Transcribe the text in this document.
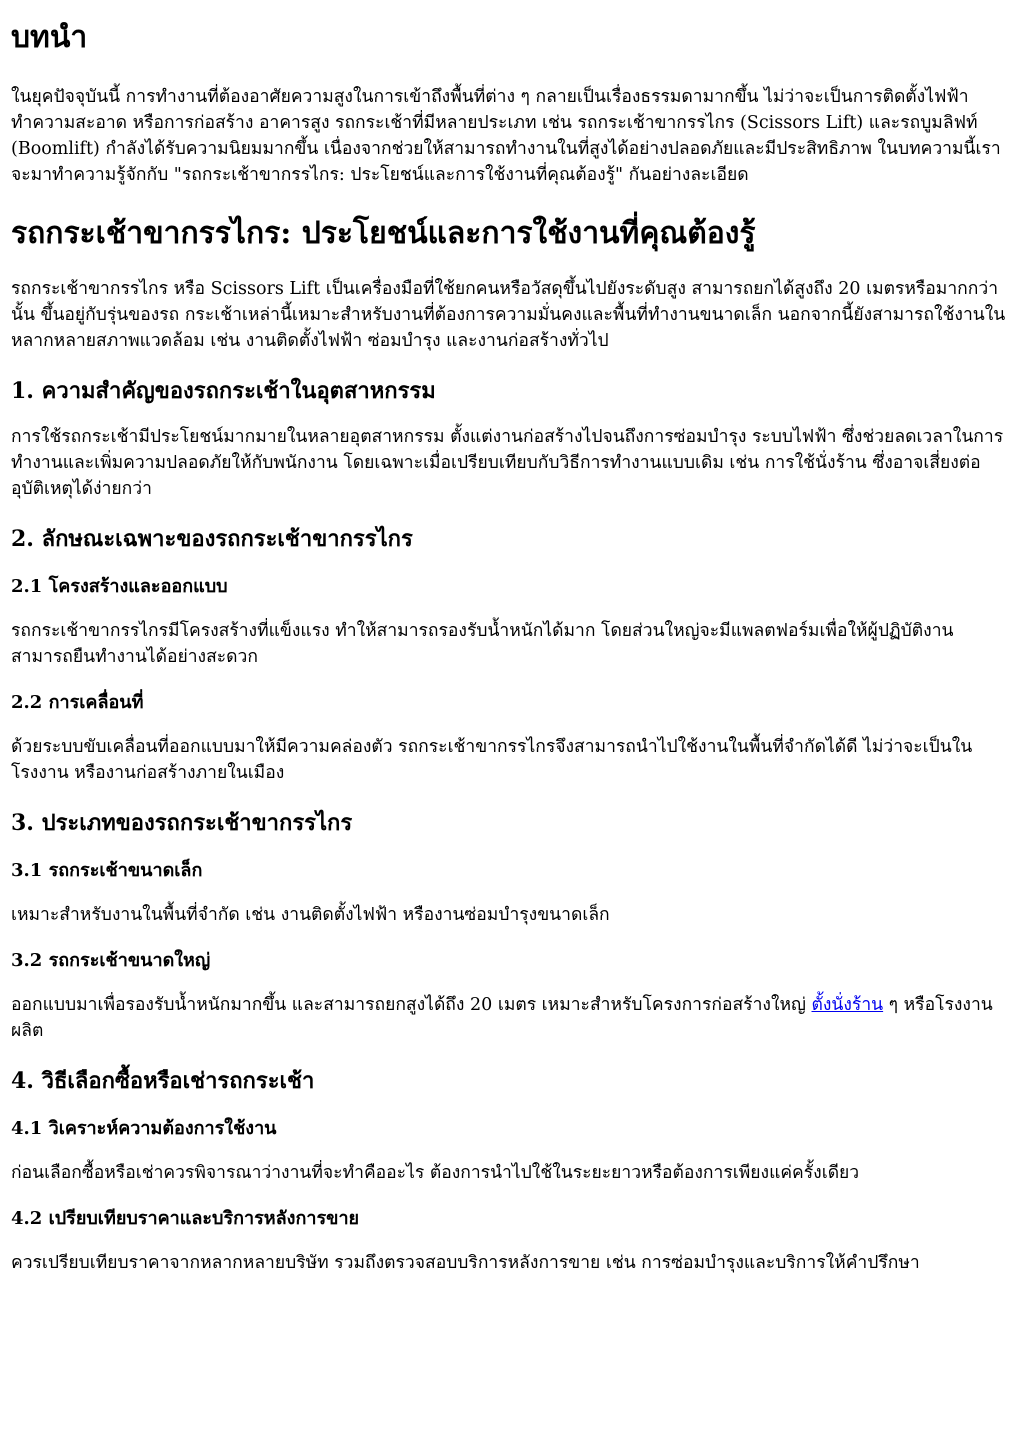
บทนำ

ในยุคปัจจุบันนี้ การทำงานที่ต้องอาศัยความสูงในการเข้าถึงพื้นที่ต่าง ๆ กลายเป็นเรื่องธรรมดามากขึ้น ไม่ว่าจะเป็นการติดตั้งไฟฟ้า ทำความสะอาด หรือการก่อสร้าง อาคารสูง รถกระเช้าที่มีหลายประเภท เช่น รถกระเช้าขากรรไกร (Scissors Lift) และรถบูมลิฟท์ (Boomlift) กำลังได้รับความนิยมมากขึ้น เนื่องจากช่วยให้สามารถทำงานในที่สูงได้อย่างปลอดภัยและมีประสิทธิภาพ ในบทความนี้เราจะมาทำความรู้จักกับ "รถกระเช้าขากรรไกร: ประโยชน์และการใช้งานที่คุณต้องรู้" กันอย่างละเอียด

รถกระเช้าขากรรไกร: ประโยชน์และการใช้งานที่คุณต้องรู้

รถกระเช้าขากรรไกร หรือ Scissors Lift เป็นเครื่องมือที่ใช้ยกคนหรือวัสดุขึ้นไปยังระดับสูง สามารถยกได้สูงถึง 20 เมตรหรือมากกว่านั้น ขึ้นอยู่กับรุ่นของรถ กระเช้าเหล่านี้เหมาะสำหรับงานที่ต้องการความมั่นคงและพื้นที่ทำงานขนาดเล็ก นอกจากนี้ยังสามารถใช้งานในหลากหลายสภาพแวดล้อม เช่น งานติดตั้งไฟฟ้า ซ่อมบำรุง และงานก่อสร้างทั่วไป

1. ความสำคัญของรถกระเช้าในอุตสาหกรรม

การใช้รถกระเช้ามีประโยชน์มากมายในหลายอุตสาหกรรม ตั้งแต่งานก่อสร้างไปจนถึงการซ่อมบำรุง ระบบไฟฟ้า ซึ่งช่วยลดเวลาในการทำงานและเพิ่มความปลอดภัยให้กับพนักงาน โดยเฉพาะเมื่อเปรียบเทียบกับวิธีการทำงานแบบเดิม เช่น การใช้นั่งร้าน ซึ่งอาจเสี่ยงต่ออุบัติเหตุได้ง่ายกว่า

2. ลักษณะเฉพาะของรถกระเช้าขากรรไกร
2.1 โครงสร้างและออกแบบ

รถกระเช้าขากรรไกรมีโครงสร้างที่แข็งแรง ทำให้สามารถรองรับน้ำหนักได้มาก โดยส่วนใหญ่จะมีแพลตฟอร์มเพื่อให้ผู้ปฏิบัติงานสามารถยืนทำงานได้อย่างสะดวก

2.2 การเคลื่อนที่

ด้วยระบบขับเคลื่อนที่ออกแบบมาให้มีความคล่องตัว รถกระเช้าขากรรไกรจึงสามารถนำไปใช้งานในพื้นที่จำกัดได้ดี ไม่ว่าจะเป็นในโรงงาน หรืองานก่อสร้างภายในเมือง

3. ประเภทของรถกระเช้าขากรรไกร
3.1 รถกระเช้าขนาดเล็ก

เหมาะสำหรับงานในพื้นที่จำกัด เช่น งานติดตั้งไฟฟ้า หรืองานซ่อมบำรุงขนาดเล็ก

3.2 รถกระเช้าขนาดใหญ่

ออกแบบมาเพื่อรองรับน้ำหนักมากขึ้น และสามารถยกสูงได้ถึง 20 เมตร เหมาะสำหรับโครงการก่อสร้างใหญ่ ตั้งนั่งร้าน ๆ หรือโรงงานผลิต

4. วิธีเลือกซื้อหรือเช่ารถกระเช้า
4.1 วิเคราะห์ความต้องการใช้งาน

ก่อนเลือกซื้อหรือเช่าควรพิจารณาว่างานที่จะทำคืออะไร ต้องการนำไปใช้ในระยะยาวหรือต้องการเพียงแค่ครั้งเดียว

4.2 เปรียบเทียบราคาและบริการหลังการขาย

ควรเปรียบเทียบราคาจากหลากหลายบริษัท รวมถึงตรวจสอบบริการหลังการขาย เช่น การซ่อมบำรุงและบริการให้คำปรึกษา
